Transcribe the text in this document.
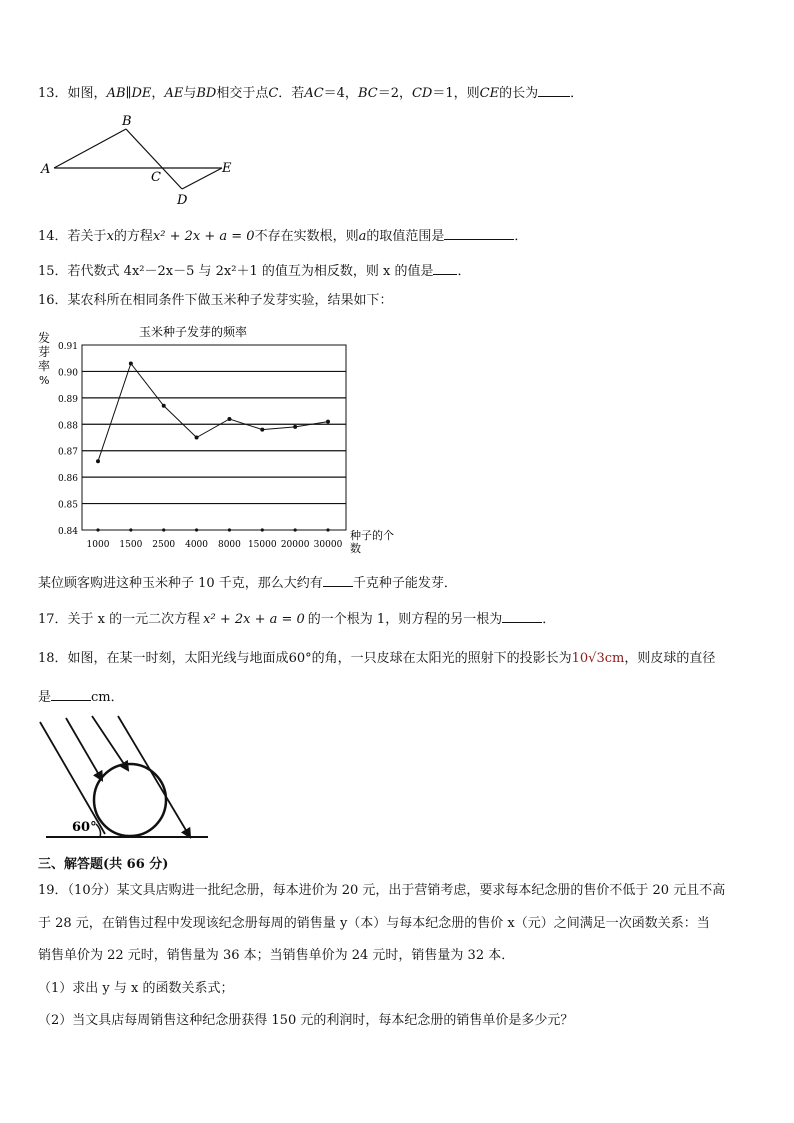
13．如图，AB∥DE，AE与BD相交于点C．若AC＝4，BC＝2，CD＝1，则CE的长为 ．
A
B
C
D
E
14．若关于x的方程x² + 2x + a = 0不存在实数根，则a的取值范围是	．
15．若代数式 4x²－2x－5 与 2x²＋1 的值互为相反数，则 x 的值是 ．
16．某农科所在相同条件下做玉米种子发芽实验，结果如下：
玉米种子发芽的频率
发
芽
率
%
0.91
0.90
0.89
0.88
0.87
0.86
0.85
0.84
1000 1500 2500 4000 8000 15000 20000 30000
种子的个
数
某位顾客购进这种玉米种子 10 千克，那么大约有 千克种子能发芽．
17．关于 x 的一元二次方程 x² + 2x + a = 0 的一个根为 1，则方程的另一根为	．
18．如图，在某一时刻，太阳光线与地面成60°的角，一只皮球在太阳光的照射下的投影长为10√3cm，则皮球的直径
是	cm．
60°
三、解答题(共 66 分)
19．（10分）某文具店购进一批纪念册，每本进价为 20 元，出于营销考虑，要求每本纪念册的售价不低于 20 元且不高
于 28 元，在销售过程中发现该纪念册每周的销售量 y（本）与每本纪念册的售价 x（元）之间满足一次函数关系：当
销售单价为 22 元时，销售量为 36 本；当销售单价为 24 元时，销售量为 32 本．
（1）求出 y 与 x 的函数关系式；
（2）当文具店每周销售这种纪念册获得 150 元的利润时，每本纪念册的销售单价是多少元？
